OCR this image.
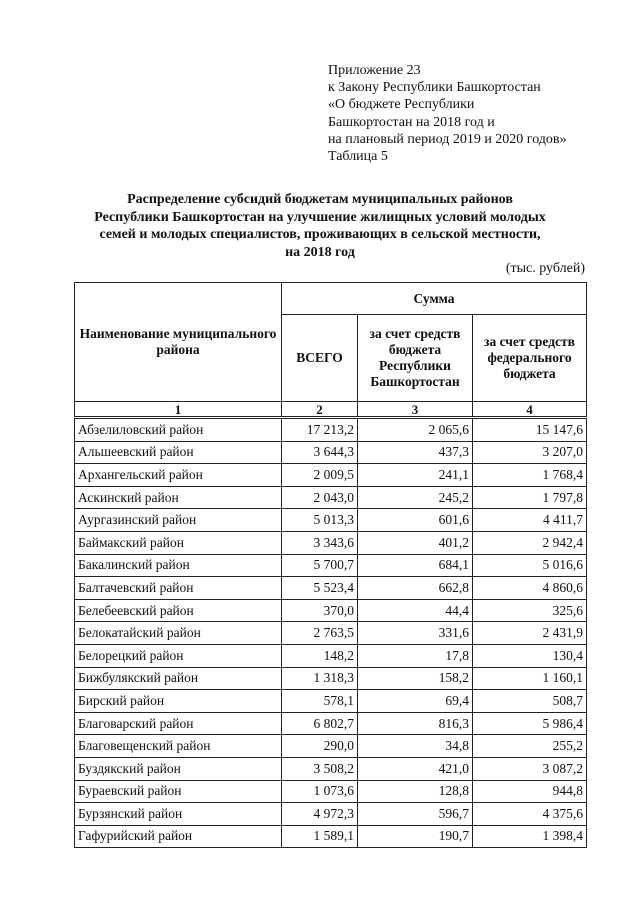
Приложение 23
к Закону Республики Башкортостан
«О бюджете Республики
Башкортостан на 2018 год и
на плановый период 2019 и 2020 годов»
Таблица 5
Распределение субсидий бюджетам муниципальных районов
Республики Башкортостан на улучшение жилищных условий молодых
семей и молодых специалистов, проживающих в сельской местности,
на 2018 год
(тыс. рублей)
Наименование муниципального района	Сумма		
	ВСЕГО	за счет средств бюджета Республики Башкортостан	за счет средств федерального бюджета
1	2	3	4
Абзелиловский район	17 213,2	2 065,6	15 147,6
Альшеевский район	3 644,3	437,3	3 207,0
Архангельский район	2 009,5	241,1	1 768,4
Аскинский район	2 043,0	245,2	1 797,8
Аургазинский район	5 013,3	601,6	4 411,7
Баймакский район	3 343,6	401,2	2 942,4
Бакалинский район	5 700,7	684,1	5 016,6
Балтачевский район	5 523,4	662,8	4 860,6
Белебеевский район	370,0	44,4	325,6
Белокатайский район	2 763,5	331,6	2 431,9
Белорецкий район	148,2	17,8	130,4
Бижбулякский район	1 318,3	158,2	1 160,1
Бирский район	578,1	69,4	508,7
Благоварский район	6 802,7	816,3	5 986,4
Благовещенский район	290,0	34,8	255,2
Буздякский район	3 508,2	421,0	3 087,2
Бураевский район	1 073,6	128,8	944,8
Бурзянский район	4 972,3	596,7	4 375,6
Гафурийский район	1 589,1	190,7	1 398,4
